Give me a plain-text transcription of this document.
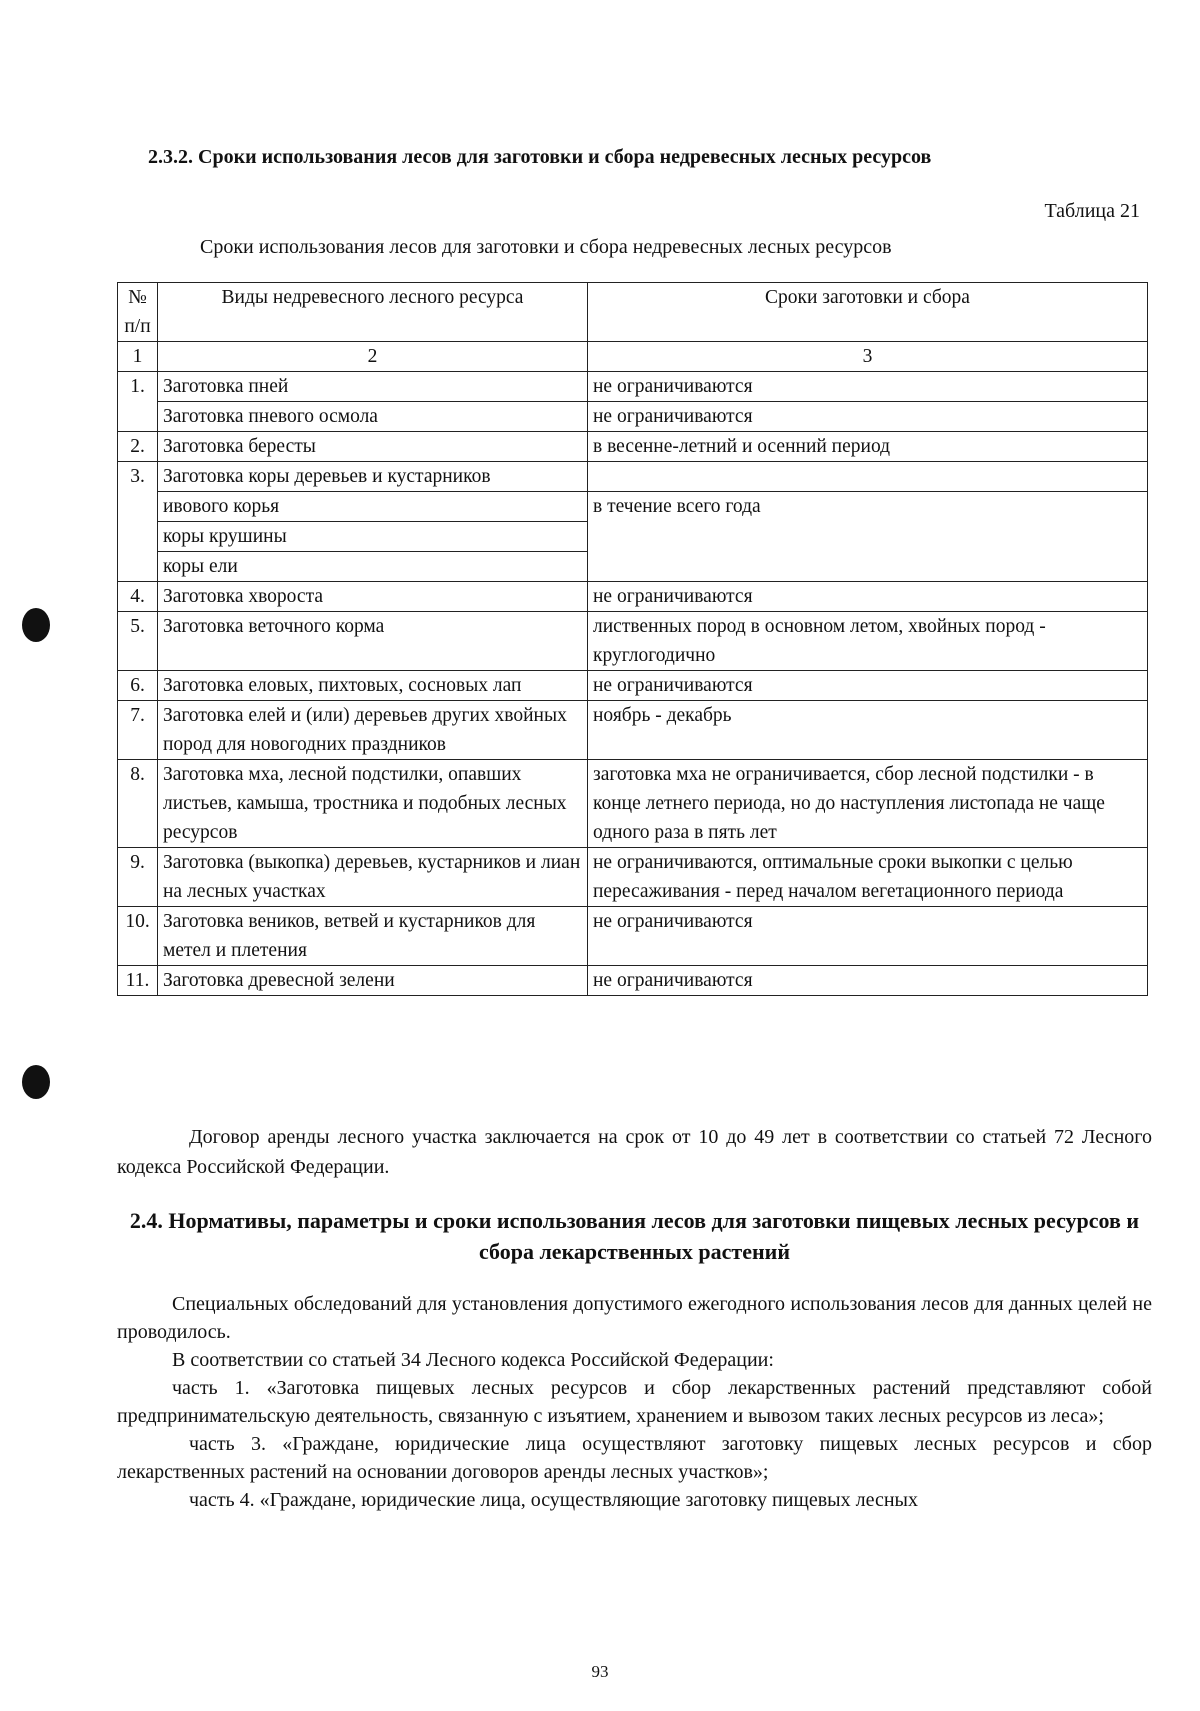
2.3.2. Сроки использования лесов для заготовки и сбора недревесных лесных ресурсов
Таблица 21
Сроки использования лесов для заготовки и сбора недревесных лесных ресурсов
№ п/п	Виды недревесного лесного ресурса	Сроки заготовки и сбора
1	2	3
1.	Заготовка пней	не ограничиваются
	Заготовка пневого осмола	не ограничиваются
2.	Заготовка бересты	в весенне-летний и осенний период
3.	Заготовка коры деревьев и кустарников	
	ивового корья	в течение всего года
	коры крушины	
	коры ели	
4.	Заготовка хвороста	не ограничиваются
5.	Заготовка веточного корма	лиственных пород в основном летом, хвойных пород - круглогодично
6.	Заготовка еловых, пихтовых, сосновых лап	не ограничиваются
7.	Заготовка елей и (или) деревьев других хвойных пород для новогодних праздников	ноябрь - декабрь
8.	Заготовка мха, лесной подстилки, опавших листьев, камыша, тростника и подобных лесных ресурсов	заготовка мха не ограничивается, сбор лесной подстилки - в конце летнего периода, но до наступления листопада не чаще одного раза в пять лет
9.	Заготовка (выкопка) деревьев, кустарников и лиан на лесных участках	не ограничиваются, оптимальные сроки выкопки с целью пересаживания - перед началом вегетационного периода
10.	Заготовка веников, ветвей и кустарников для метел и плетения	не ограничиваются
11.	Заготовка древесной зелени	не ограничиваются
Договор аренды лесного участка заключается на срок от 10 до 49 лет в соответствии со статьей 72 Лесного кодекса Российской Федерации.
2.4. Нормативы, параметры и сроки использования лесов для заготовки пищевых лесных ресурсов и сбора лекарственных растений

Специальных обследований для установления допустимого ежегодного использования лесов для данных целей не проводилось.

В соответствии со статьей 34 Лесного кодекса Российской Федерации:

часть 1. «Заготовка пищевых лесных ресурсов и сбор лекарственных растений представляют собой предпринимательскую деятельность, связанную с изъятием, хранением и вывозом таких лесных ресурсов из леса»;

часть 3. «Граждане, юридические лица осуществляют заготовку пищевых лесных ресурсов и сбор лекарственных растений на основании договоров аренды лесных участков»;

часть 4. «Граждане, юридические лица, осуществляющие заготовку пищевых лесных

93
